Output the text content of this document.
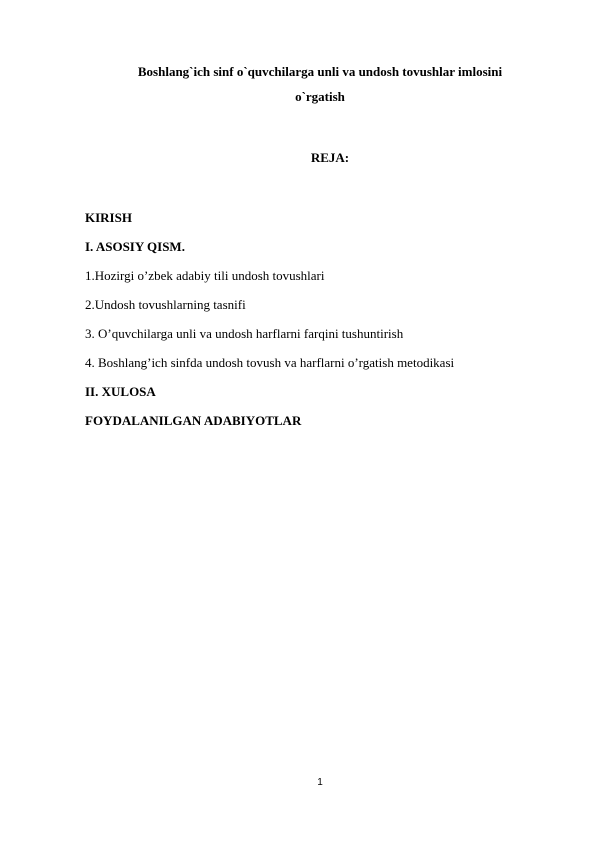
Boshlang`ich sinf o`quvchilarga unli va undosh tovushlar imlosini
o`rgatish
REJA:
KIRISH
I. ASOSIY QISM.
1.Hozirgi o’zbek adabiy tili undosh tovushlari
2.Undosh tovushlarning tasnifi
3. O’quvchilarga unli va undosh harflarni farqini tushuntirish
4. Boshlang’ich sinfda undosh tovush va harflarni o’rgatish metodikasi
II. XULOSA
FOYDALANILGAN ADABIYOTLAR
1
